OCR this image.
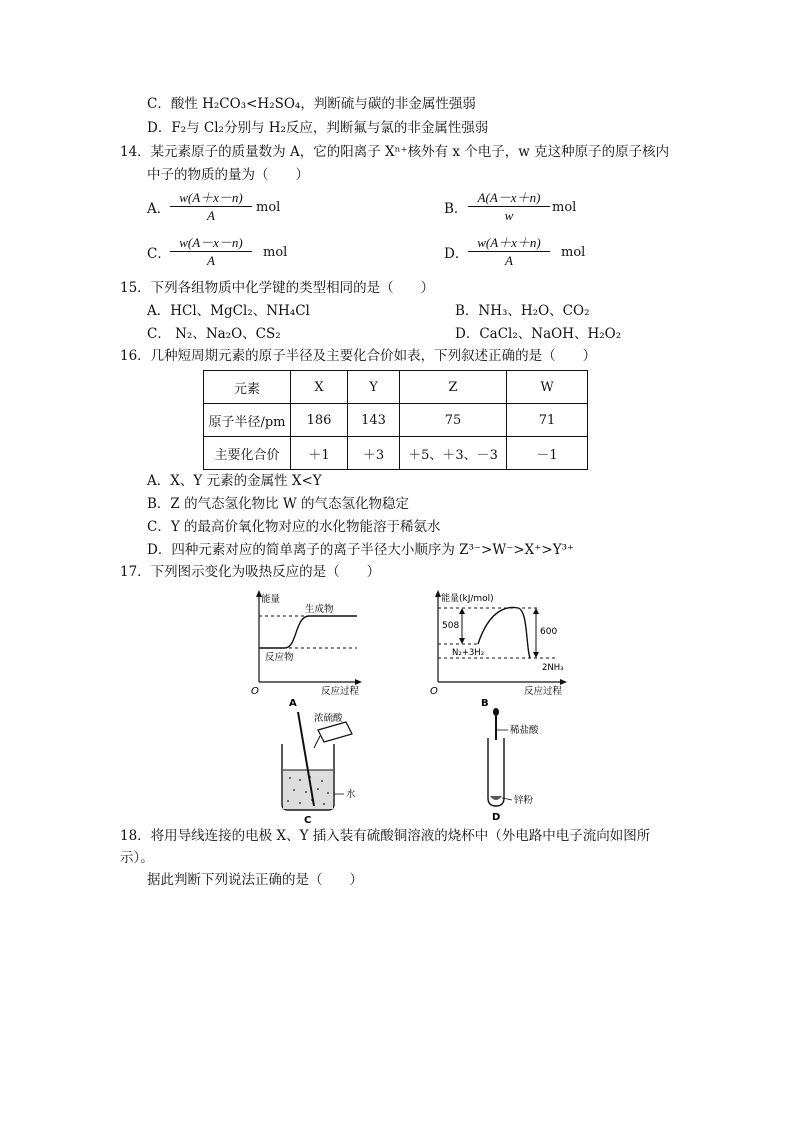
C．酸性 H₂CO₃<H₂SO₄，判断硫与碳的非金属性强弱
D．F₂与 Cl₂分别与 H₂反应，判断氟与氯的非金属性强弱
14．某元素原子的质量数为 A，它的阳离子 Xⁿ⁺核外有 x 个电子，w 克这种原子的原子核内
中子的物质的量为（　　）
A． $\frac{w(A+x-n)}{A}$ mol	B． $\frac{A(A-x+n)}{w}$ mol
C． $\frac{w(A-x-n)}{A}$ mol	D． $\frac{w(A+x+n)}{A}$ mol
15．下列各组物质中化学键的类型相同的是（　　）
A．HCl、MgCl₂、NH₄Cl	B．NH₃、H₂O、CO₂
C． N₂、Na₂O、CS₂	D．CaCl₂、NaOH、H₂O₂
16．几种短周期元素的原子半径及主要化合价如表，下列叙述正确的是（　　）
元素	X	Y	Z	W
原子半径/pm	186	143	75	71
主要化合价	＋1	＋3	＋5、＋3、－3	－1
A．X、Y 元素的金属性 X<Y
B．Z 的气态氢化物比 W 的气态氢化物稳定
C．Y 的最高价氧化物对应的水化物能溶于稀氨水
D．四种元素对应的简单离子的离子半径大小顺序为 Z³⁻>W⁻>X⁺>Y³⁺
17．下列图示变化为吸热反应的是（　　）
能量
生成物
反应物
O	反应过程
A
能量(kJ/mol)
508
600
N₂+3H₂
2NH₃
O	反应过程
B
浓硫酸
水
C
稀盐酸
锌粉
D
18．将用导线连接的电极 X、Y 插入装有硫酸铜溶液的烧杯中（外电路中电子流向如图所
示）。
据此判断下列说法正确的是（　　）
